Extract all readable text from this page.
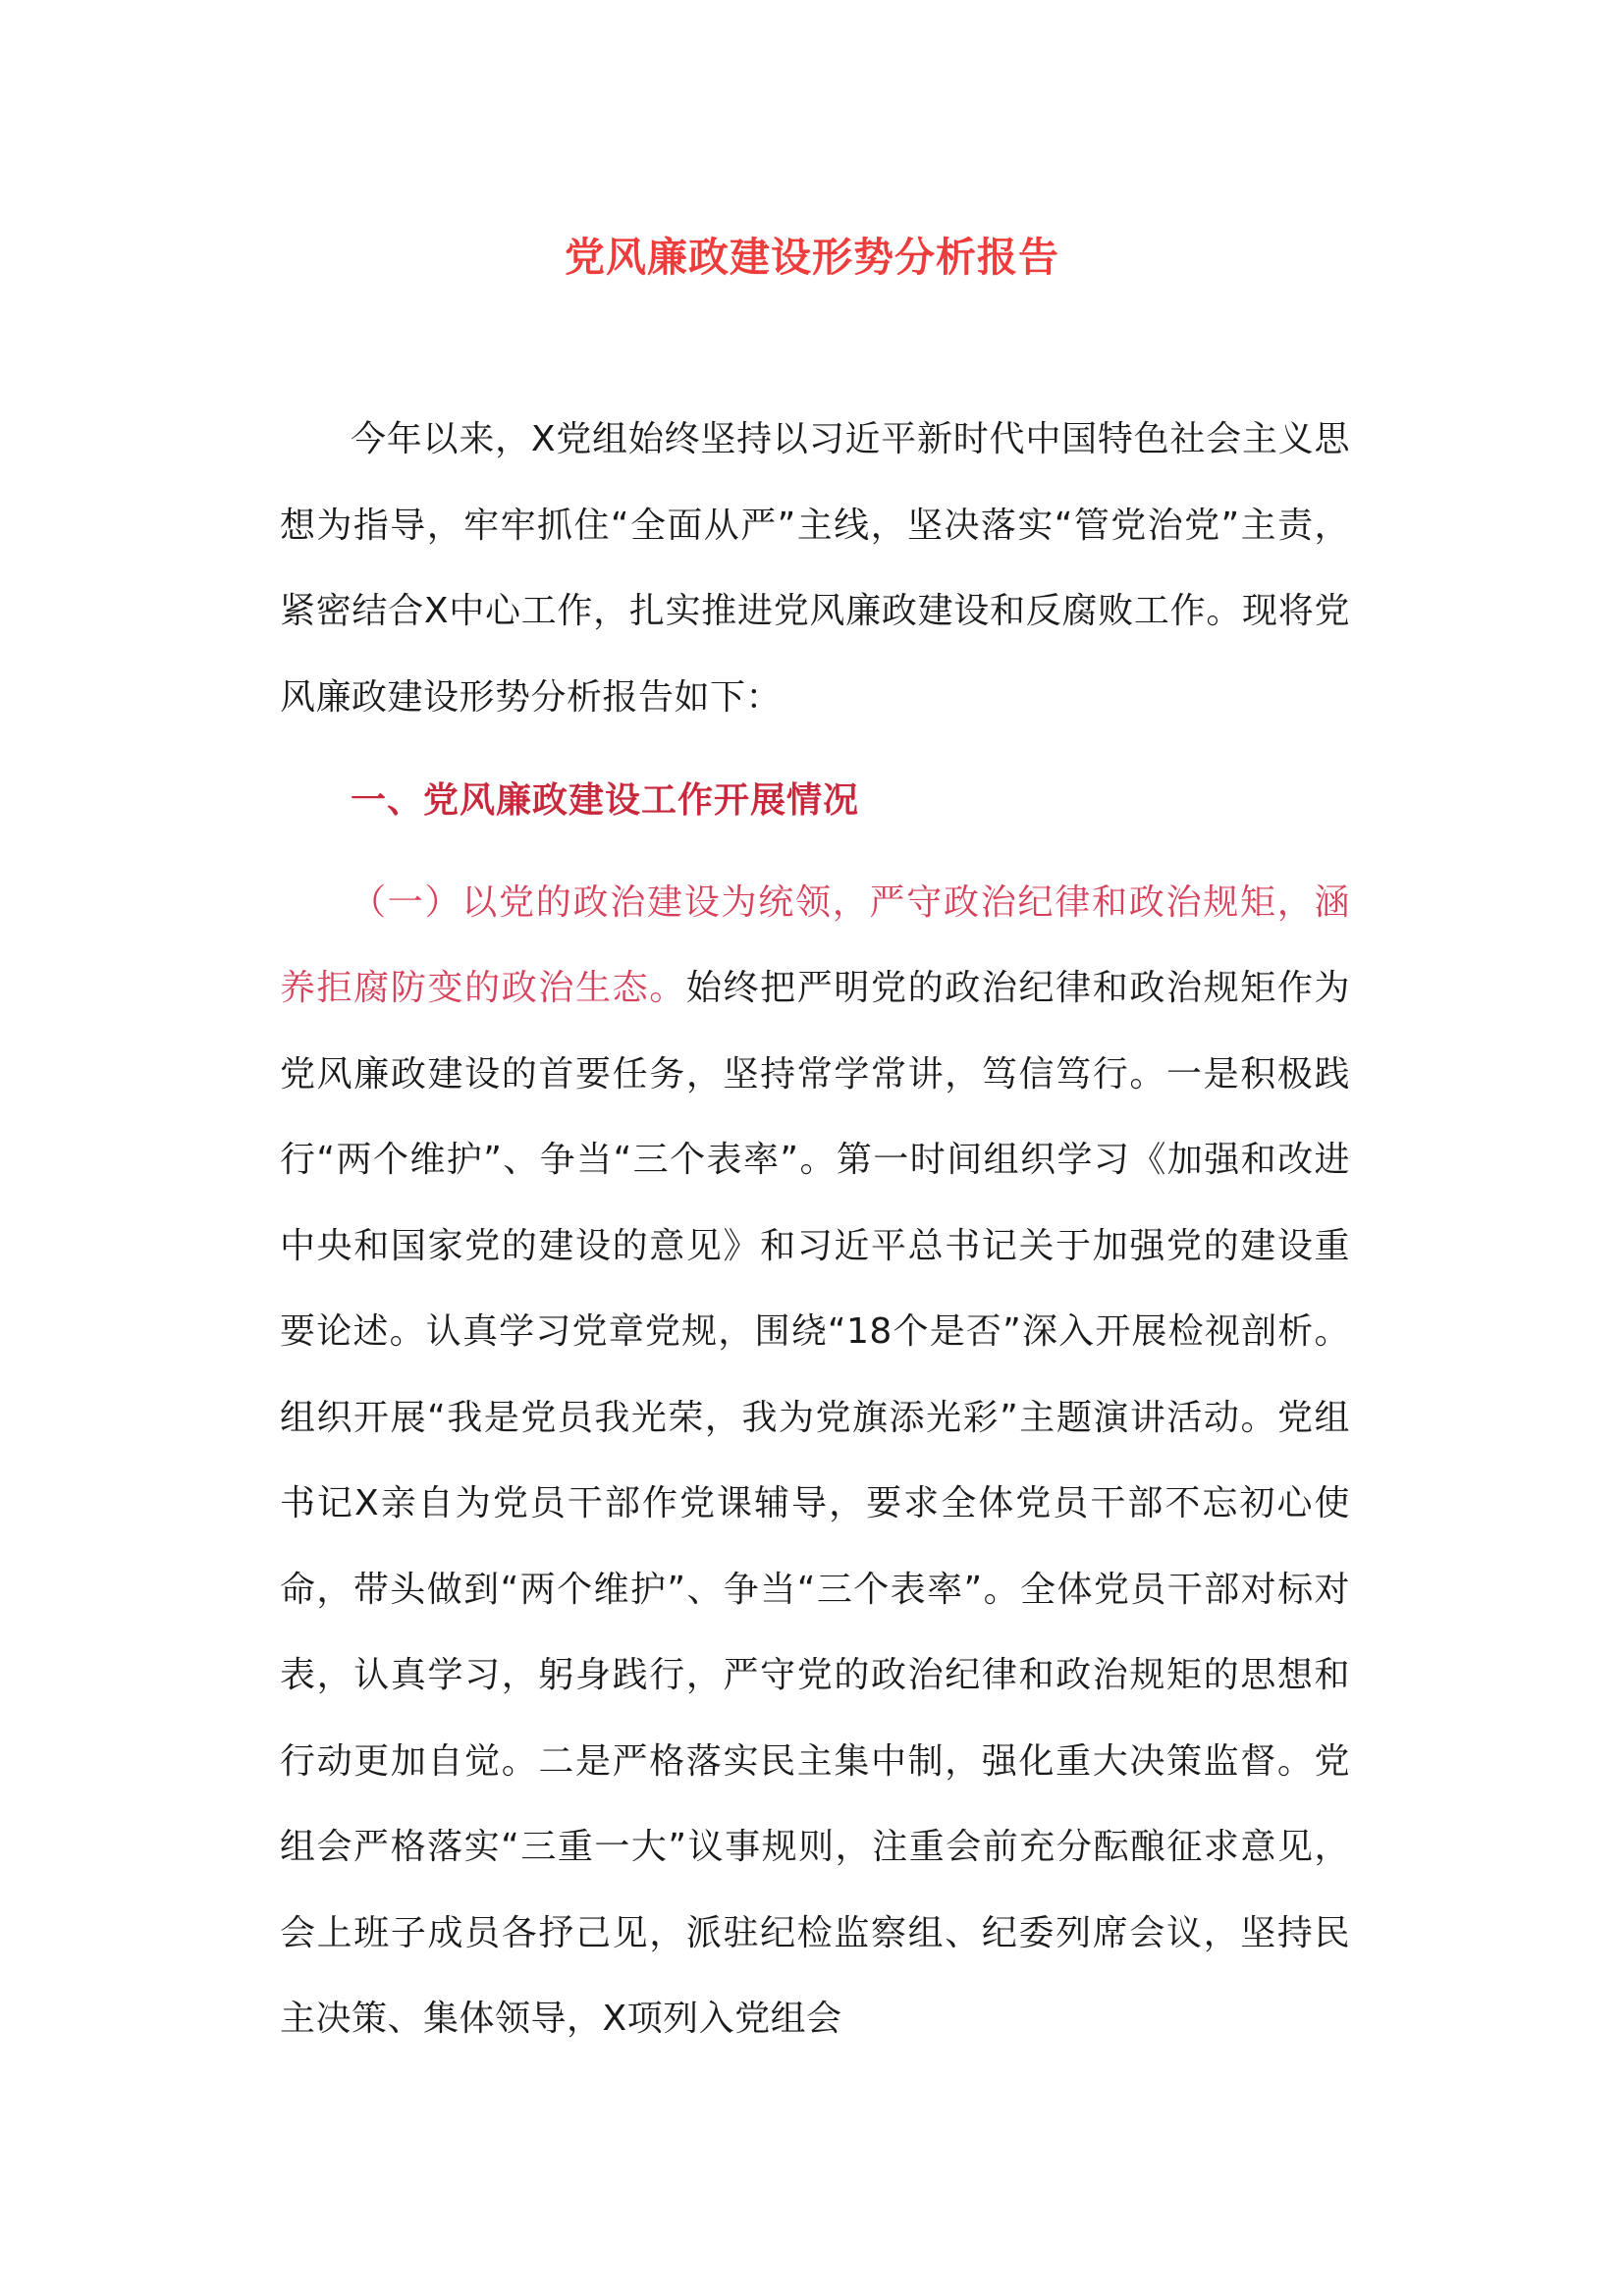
党风廉政建设形势分析报告

今年以来，X党组始终坚持以习近平新时代中国特色社会主义思想为指导，牢牢抓住“全面从严”主线，坚决落实“管党治党”主责，紧密结合X中心工作，扎实推进党风廉政建设和反腐败工作。现将党风廉政建设形势分析报告如下：

一、党风廉政建设工作开展情况

（一）以党的政治建设为统领，严守政治纪律和政治规矩，涵养拒腐防变的政治生态。始终把严明党的政治纪律和政治规矩作为党风廉政建设的首要任务，坚持常学常讲，笃信笃行。一是积极践行“两个维护”、争当“三个表率”。第一时间组织学习《加强和改进中央和国家党的建设的意见》和习近平总书记关于加强党的建设重要论述。认真学习党章党规，围绕“18个是否”深入开展检视剖析。组织开展“我是党员我光荣，我为党旗添光彩”主题演讲活动。党组书记X亲自为党员干部作党课辅导，要求全体党员干部不忘初心使命，带头做到“两个维护”、争当“三个表率”。全体党员干部对标对表，认真学习，躬身践行，严守党的政治纪律和政治规矩的思想和行动更加自觉。二是严格落实民主集中制，强化重大决策监督。党组会严格落实“三重一大”议事规则，注重会前充分酝酿征求意见，会上班子成员各抒己见，派驻纪检监察组、纪委列席会议，坚持民主决策、集体领导，X项列入党组会
